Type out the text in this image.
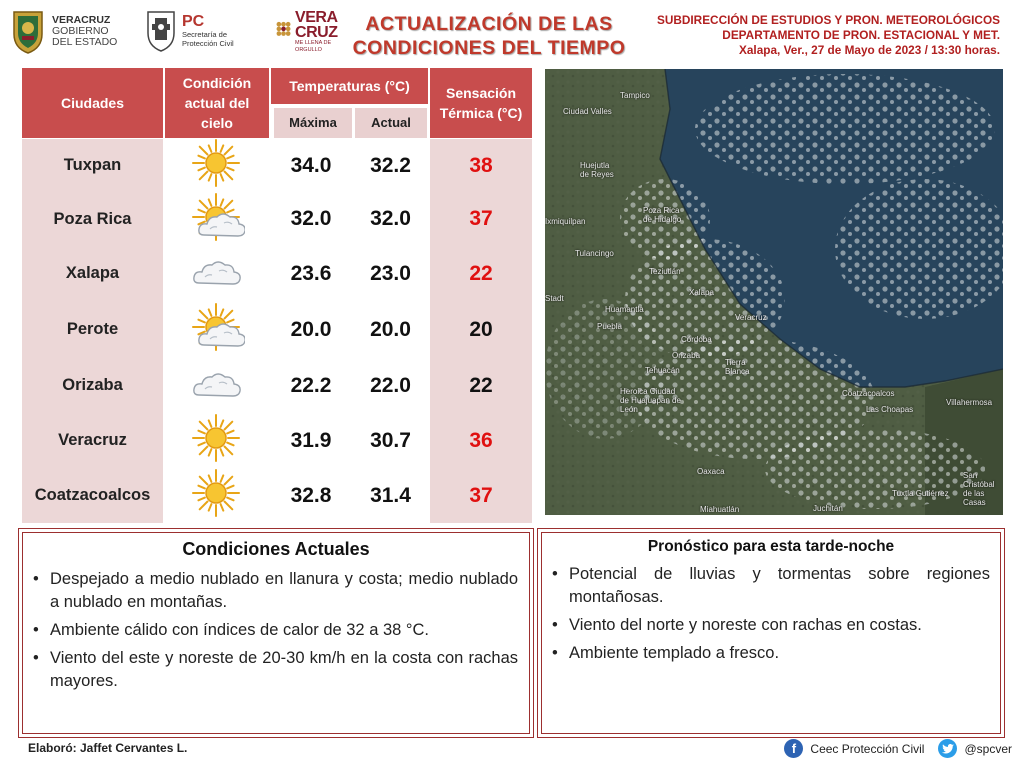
VERACRUZ
GOBIERNO
DEL ESTADO
PC
Secretaría de
Protección Civil
VERA
CRUZ
ME LLENA DE ORGULLO
ACTUALIZACIÓN DE LAS
CONDICIONES DEL TIEMPO
SUBDIRECCIÓN DE ESTUDIOS Y PRON. METEOROLÓGICOS
DEPARTAMENTO DE PRON. ESTACIONAL Y MET.
Xalapa, Ver., 27 de Mayo de 2023 / 13:30 horas.
Ciudades
Condición actual del cielo
Temperaturas (°C)
Máxima	Actual
Sensación Térmica (°C)
Tuxpan	34.0 32.2	38
Poza Rica	32.0 32.0	37
Xalapa	23.6 23.0	22
Perote	20.0 20.0	20
Orizaba	22.2 22.0	22
Veracruz	31.9 30.7	36
Coatzacoalcos	32.8 31.4	37
Tampico
Ciudad Valles
Huejutla de Reyes
Ixmiquilpan
Poza Rica de Hidalgo
Tulancingo
Teziutlán
Xalapa
Stadt
Huamantla
Veracruz
Puebla
Córdoba
Orizaba
Tierra Blanca
Tehuacán
Heroica Ciudad de Huajuapan de León
Coatzacoalcos
Las Choapas
Villahermosa
Oaxaca	San Cristóbal de las Casas
Tuxtla Gutiérrez
Miahuatlán	Juchitán
Condiciones Actuales
• Despejado a medio nublado en llanura y costa; medio nublado a nublado en montañas.
• Ambiente cálido con índices de calor de 32 a 38 °C.
• Viento del este y noreste de 20-30 km/h en la costa con rachas mayores.
Pronóstico para esta tarde-noche
• Potencial de lluvias y tormentas sobre regiones montañosas.
• Viento del norte y noreste con rachas en costas.
• Ambiente templado a fresco.
Elaboró: Jaffet Cervantes L.	f	Ceec Protección Civil	@spcver
